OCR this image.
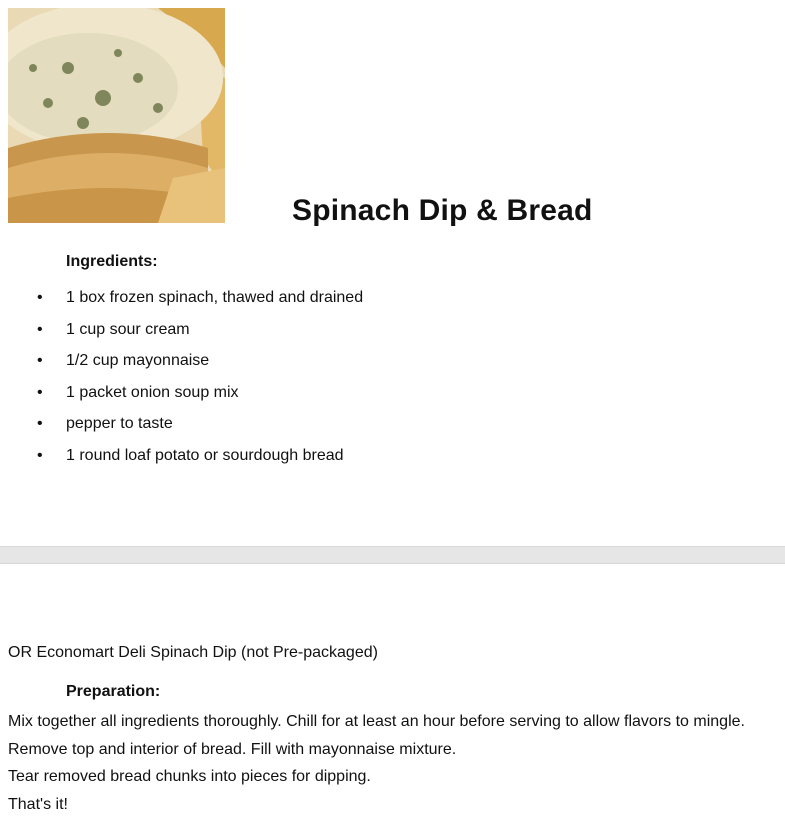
Spinach Dip & Bread
Ingredients:
• 1 box frozen spinach, thawed and drained
• 1 cup sour cream
• 1/2 cup mayonnaise
• 1 packet onion soup mix
• pepper to taste
• 1 round loaf potato or sourdough bread
OR Economart Deli Spinach Dip (not Pre-packaged)
Preparation:

Mix together all ingredients thoroughly. Chill for at least an hour before serving to allow flavors to mingle.

Remove top and interior of bread. Fill with mayonnaise mixture.

Tear removed bread chunks into pieces for dipping.

That's it!
